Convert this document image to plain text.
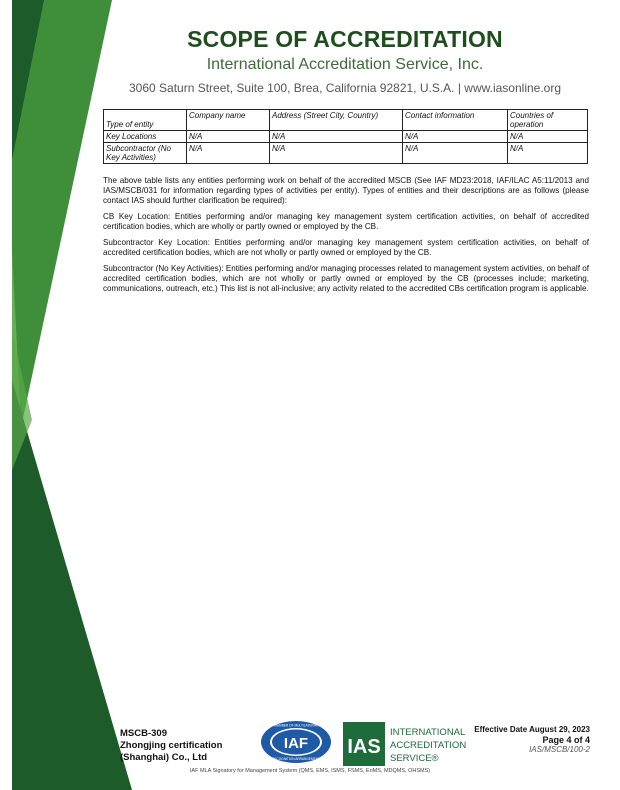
SCOPE OF ACCREDITATION
International Accreditation Service, Inc.
3060 Saturn Street, Suite 100, Brea, California 92821, U.S.A. | www.iasonline.org
Type of entity	Company name	Address (Street City, Country)	Contact information	Countries of operation
Key Locations	N/A	N/A	N/A	N/A
Subcontractor (No Key Activities)	N/A	N/A	N/A	N/A

The above table lists any entities performing work on behalf of the accredited MSCB (See IAF MD23:2018, IAF/ILAC A5:11/2013 and IAS/MSCB/031 for information regarding types of activities per entity). Types of entities and their descriptions are as follows (please contact IAS should further clarification be required):

CB Key Location: Entities performing and/or managing key management system certification activities, on behalf of accredited certification bodies, which are wholly or partly owned or employed by the CB.

Subcontractor Key Location: Entities performing and/or managing key management system certification activities, on behalf of accredited certification bodies, which are not wholly or partly owned or employed by the CB.

Subcontractor (No Key Activities): Entities performing and/or managing processes related to management system activities, on behalf of accredited certification bodies, which are not wholly or partly owned or employed by the CB (processes include; marketing, communications, outreach, etc.) This list is not all-inclusive; any activity related to the accredited CBs certification program is applicable.

MSCB-309
Zhongjing certification
(Shanghai) Co., Ltd
MEMBER OF MULTILATERAL
IAF
RECOGNITION ARRANGEMENT
IAS
INTERNATIONAL
ACCREDITATION
SERVICE®
Effective Date August 29, 2023
Page 4 of 4
IAS/MSCB/100-2
IAF MLA Signatory for Management System (QMS, EMS, ISMS, FSMS, EnMS, MDQMS, OHSMS)
